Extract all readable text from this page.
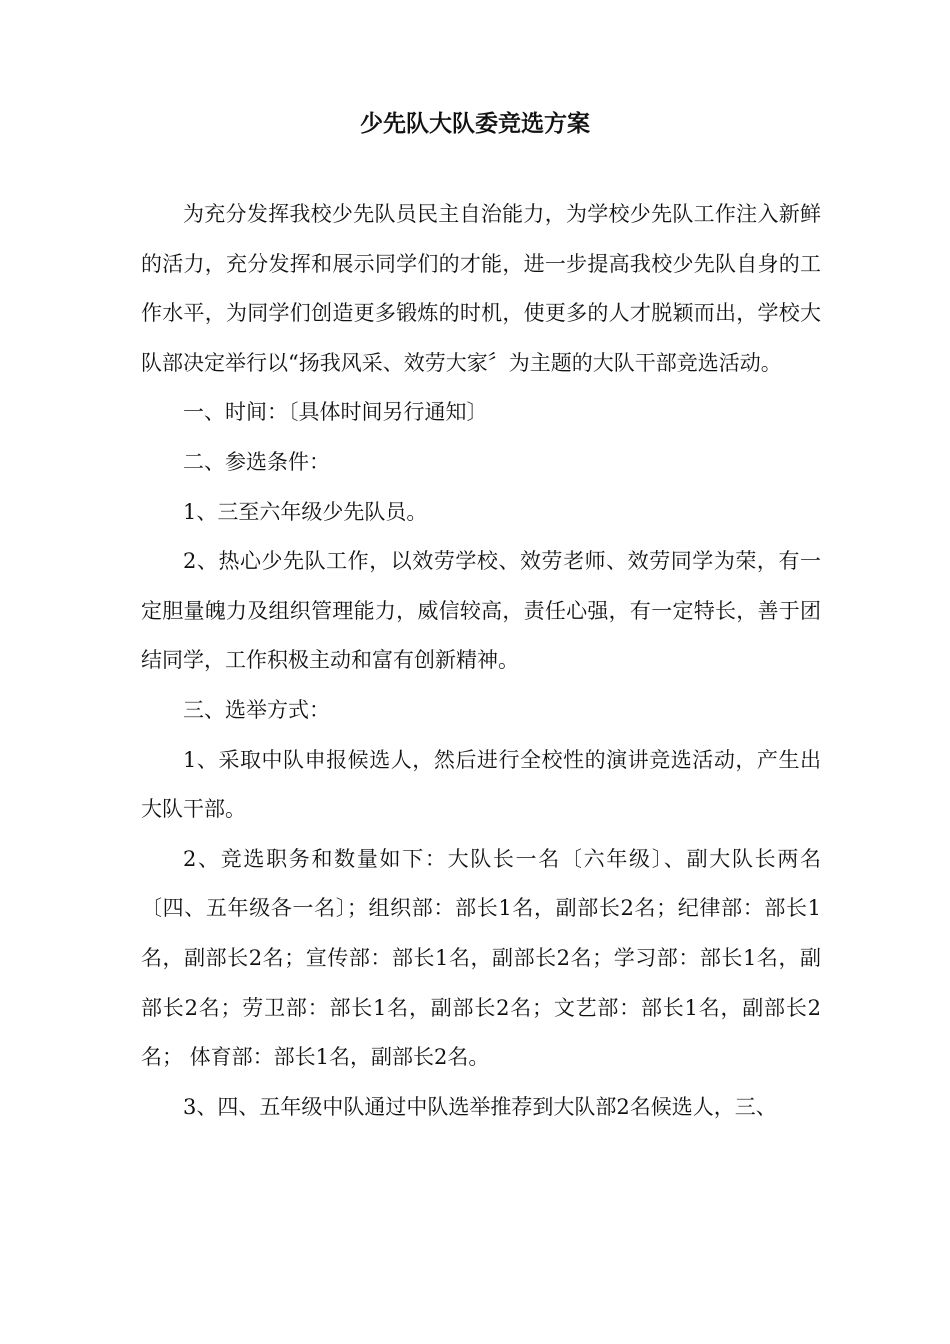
少先队大队委竞选方案

为充分发挥我校少先队员民主自治能力，为学校少先队工作注入新鲜的活力，充分发挥和展示同学们的才能，进一步提高我校少先队自身的工作水平，为同学们创造更多锻炼的时机，使更多的人才脱颖而出，学校大队部决定举行以“扬我风采、效劳大家〞为主题的大队干部竞选活动。

一、时间：〔具体时间另行通知〕

二、参选条件：

1、三至六年级少先队员。

2、热心少先队工作，以效劳学校、效劳老师、效劳同学为荣，有一定胆量魄力及组织管理能力，威信较高，责任心强，有一定特长，善于团结同学，工作积极主动和富有创新精神。

三、选举方式：

1、采取中队申报候选人，然后进行全校性的演讲竞选活动，产生出大队干部。

2、竞选职务和数量如下：大队长一名〔六年级〕、副大队长两名〔四、五年级各一名〕；组织部：部长1名，副部长2名；纪律部：部长1名，副部长2名；宣传部：部长1名，副部长2名；学习部：部长1名，副部长2名；劳卫部：部长1名，副部长2名；文艺部：部长1名，副部长2名； 体育部：部长1名，副部长2名。

3、四、五年级中队通过中队选举推荐到大队部2名候选人，三、
